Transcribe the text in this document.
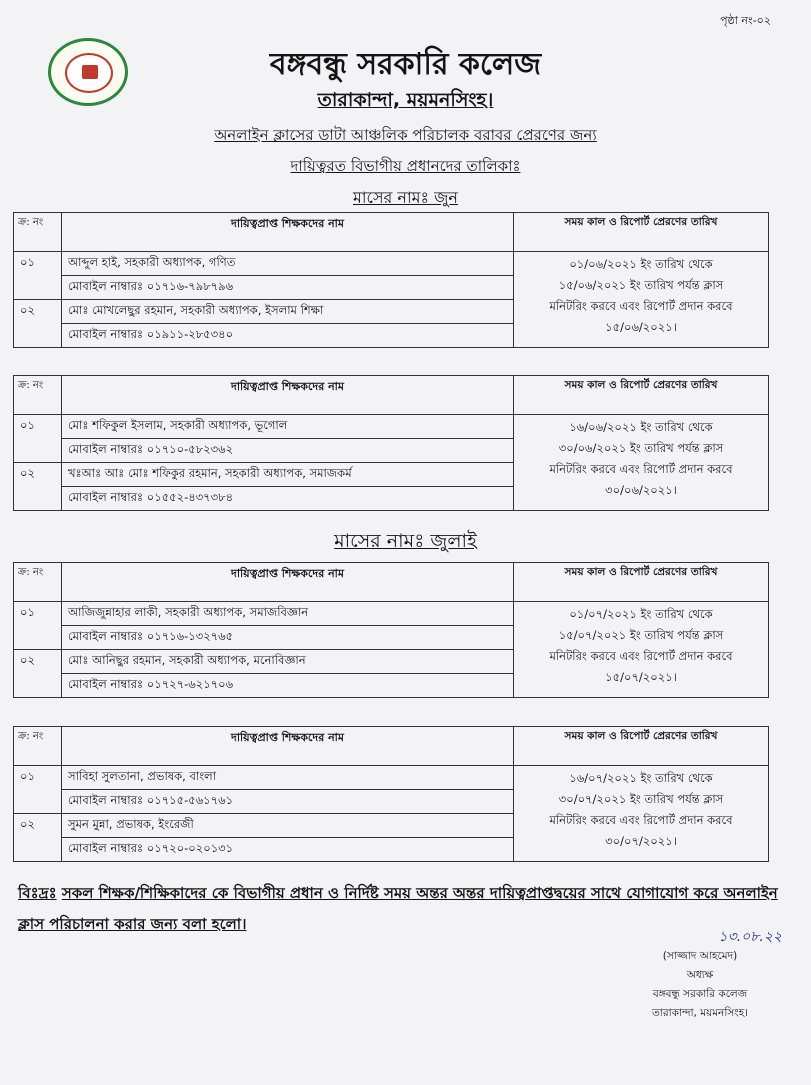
পৃষ্ঠা নং-০২
বঙ্গবন্ধু সরকারি কলেজ
তারাকান্দা, ময়মনসিংহ।
অনলাইন ক্লাসের ডাটা আঞ্চলিক পরিচালক বরাবর প্রেরণের জন্য
দায়িত্বরত বিভাগীয় প্রধানদের তালিকাঃ
মাসের নামঃ জুন
ক্র: নং	দায়িত্বপ্রাপ্ত শিক্ষকদের নাম	সময় কাল ও রিপোর্ট প্রেরণের তারিখ
০১	আব্দুল হাই, সহকারী অধ্যাপক, গণিত	০১/০৬/২০২১ ইং তারিখ থেকে
১৫/০৬/২০২১ ইং তারিখ পর্যন্ত ক্লাস
মনিটরিং করবে এবং রিপোর্ট প্রদান করবে
১৫/০৬/২০২১।

	মোবাইল নাম্বারঃ ০১৭১৬-৭৯৮৭৯৬	
০২	মোঃ মোখলেছুর রহমান, সহকারী অধ্যাপক, ইসলাম শিক্ষা	
	মোবাইল নাম্বারঃ ০১৯১১-২৮৫৩৪০	
ক্র: নং	দায়িত্বপ্রাপ্ত শিক্ষকদের নাম	সময় কাল ও রিপোর্ট প্রেরণের তারিখ
০১	মোঃ শফিকুল ইসলাম, সহকারী অধ্যাপক, ভূগোল	১৬/০৬/২০২১ ইং তারিখ থেকে
৩০/০৬/২০২১ ইং তারিখ পর্যন্ত ক্লাস
মনিটরিং করবে এবং রিপোর্ট প্রদান করবে
৩০/০৬/২০২১।

	মোবাইল নাম্বারঃ ০১৭১০-৫৮২৩৬২	
০২	খঃআঃ আঃ মোঃ শফিকুর রহমান, সহকারী অধ্যাপক, সমাজকর্ম	
	মোবাইল নাম্বারঃ ০১৫৫২-৪৩৭৩৮৪	
ক্র: নং	দায়িত্বপ্রাপ্ত শিক্ষকদের নাম	সময় কাল ও রিপোর্ট প্রেরণের তারিখ
০১	আজিজুন্নাহার লাকী, সহকারী অধ্যাপক, সমাজবিজ্ঞান	০১/০৭/২০২১ ইং তারিখ থেকে
১৫/০৭/২০২১ ইং তারিখ পর্যন্ত ক্লাস
মনিটরিং করবে এবং রিপোর্ট প্রদান করবে
১৫/০৭/২০২১।

	মোবাইল নাম্বারঃ ০১৭১৬-১৩২৭৬৫	
০২	মোঃ আনিছুর রহমান, সহকারী অধ্যাপক, মনোবিজ্ঞান	
	মোবাইল নাম্বারঃ ০১৭২৭-৬২১৭০৬	
ক্র: নং	দায়িত্বপ্রাপ্ত শিক্ষকদের নাম	সময় কাল ও রিপোর্ট প্রেরণের তারিখ
০১	সাবিহা সুলতানা, প্রভাষক, বাংলা	১৬/০৭/২০২১ ইং তারিখ থেকে
৩০/০৭/২০২১ ইং তারিখ পর্যন্ত ক্লাস
মনিটরিং করবে এবং রিপোর্ট প্রদান করবে
৩০/০৭/২০২১।

	মোবাইল নাম্বারঃ ০১৭১৫-৫৬১৭৬১	
০২	সুমন মুন্না, প্রভাষক, ইংরেজী	
	মোবাইল নাম্বারঃ ০১৭২০-০২০১৩১	
মাসের নামঃ জুলাই
বিঃদ্রঃ সকল শিক্ষক/শিক্ষিকাদের কে বিভাগীয় প্রধান ও নির্দিষ্ট সময় অন্তর অন্তর দায়িত্বপ্রাপ্তদ্বয়ের সাথে যোগাযোগ করে অনলাইন ক্লাস পরিচালনা করার জন্য বলা হলো।
১৩.০৮.২২
(সাজ্জাদ আহমেদ)
অধ্যক্ষ
বঙ্গবন্ধু সরকারি কলেজ
তারাকান্দা, ময়মনসিংহ।
